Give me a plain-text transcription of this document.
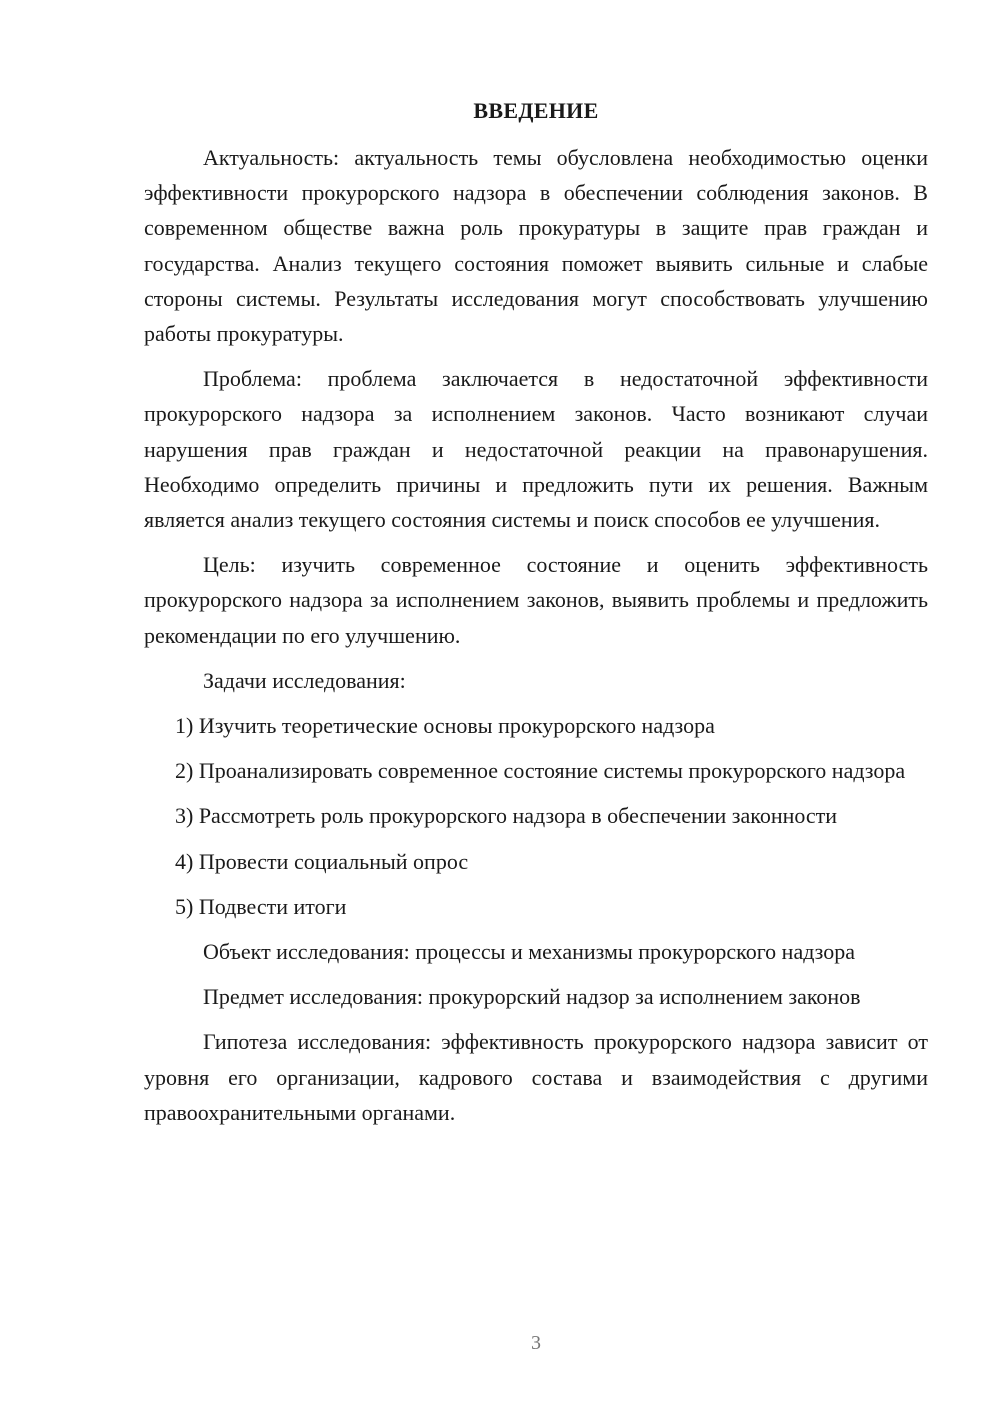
ВВЕДЕНИЕ

Актуальность: актуальность темы обусловлена необходимостью оценки эффективности прокурорского надзора в обеспечении соблюдения законов. В современном обществе важна роль прокуратуры в защите прав граждан и государства. Анализ текущего состояния поможет выявить сильные и слабые стороны системы. Результаты исследования могут способствовать улучшению работы прокуратуры.

Проблема: проблема заключается в недостаточной эффективности прокурорского надзора за исполнением законов. Часто возникают случаи нарушения прав граждан и недостаточной реакции на правонарушения. Необходимо определить причины и предложить пути их решения. Важным является анализ текущего состояния системы и поиск способов ее улучшения.

Цель: изучить современное состояние и оценить эффективность прокурорского надзора за исполнением законов, выявить проблемы и предложить рекомендации по его улучшению.

Задачи исследования:

1) Изучить теоретические основы прокурорского надзора

2) Проанализировать современное состояние системы прокурорского надзора

3) Рассмотреть роль прокурорского надзора в обеспечении законности

4) Провести социальный опрос

5) Подвести итоги

Объект исследования: процессы и механизмы прокурорского надзора

Предмет исследования: прокурорский надзор за исполнением законов

Гипотеза исследования: эффективность прокурорского надзора зависит от уровня его организации, кадрового состава и взаимодействия с другими правоохранительными органами.

3
